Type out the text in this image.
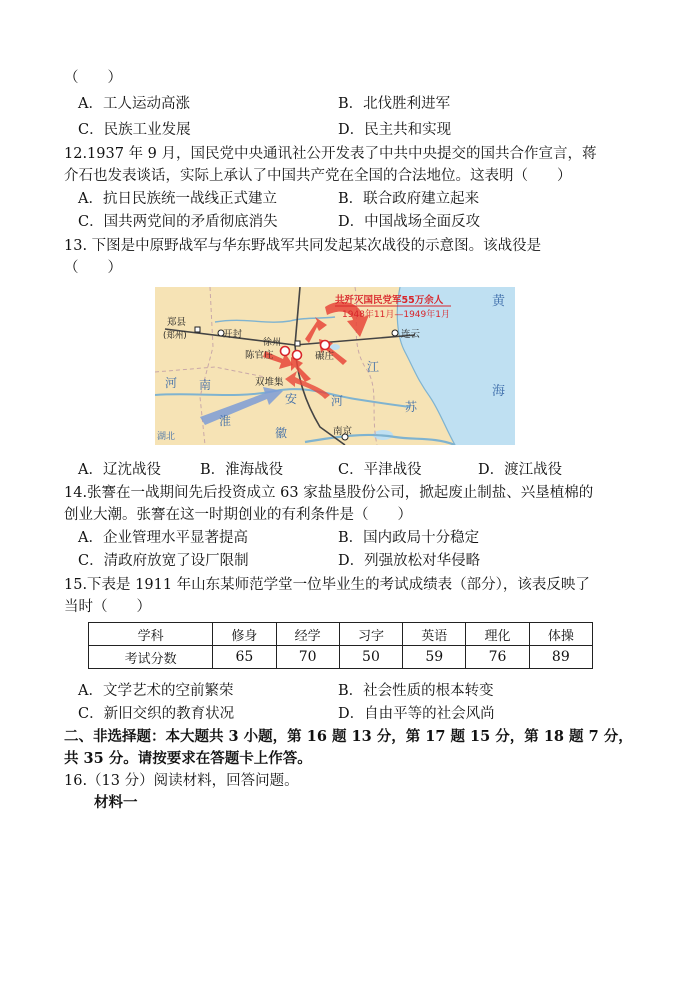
（　　）
A．工人运动高涨	B．北伐胜利进军
C．民族工业发展	D．民主共和实现
12.1937 年 9 月，国民党中央通讯社公开发表了中共中央提交的国共合作宣言，蒋
介石也发表谈话，实际上承认了中国共产党在全国的合法地位。这表明（　　）
A．抗日民族统一战线正式建立	B．联合政府建立起来
C．国共两党间的矛盾彻底消失	D．中国战场全面反攻
13. 下图是中原野战军与华东野战军共同发起某次战役的示意图。该战役是
（　　）
共歼灭国民党军55万余人
1948年11月—1949年1月
郑县
(郑州)	开封
徐州
陈官庄	碾庄
连云
双堆集
南京
河 南
安
徽
江
苏
淮
河
黄
海
湖北
A．辽沈战役	B．淮海战役	C．平津战役	D．渡江战役
14.张謇在一战期间先后投资成立 63 家盐垦股份公司，掀起废止制盐、兴垦植棉的
创业大潮。张謇在这一时期创业的有利条件是（　　）
A．企业管理水平显著提高	B．国内政局十分稳定
C．清政府放宽了设厂限制	D．列强放松对华侵略
15.下表是 1911 年山东某师范学堂一位毕业生的考试成绩表（部分），该表反映了
当时（　　）
学科	修身	经学	习字	英语	理化	体操
考试分数	65	70	50	59	76	89
A．文学艺术的空前繁荣	B．社会性质的根本转变
C．新旧交织的教育状况	D．自由平等的社会风尚
二、非选择题：本大题共 3 小题，第 16 题 13 分，第 17 题 15 分，第 18 题 7 分，
共 35 分。请按要求在答题卡上作答。
16.（13 分）阅读材料，回答问题。
材料一
